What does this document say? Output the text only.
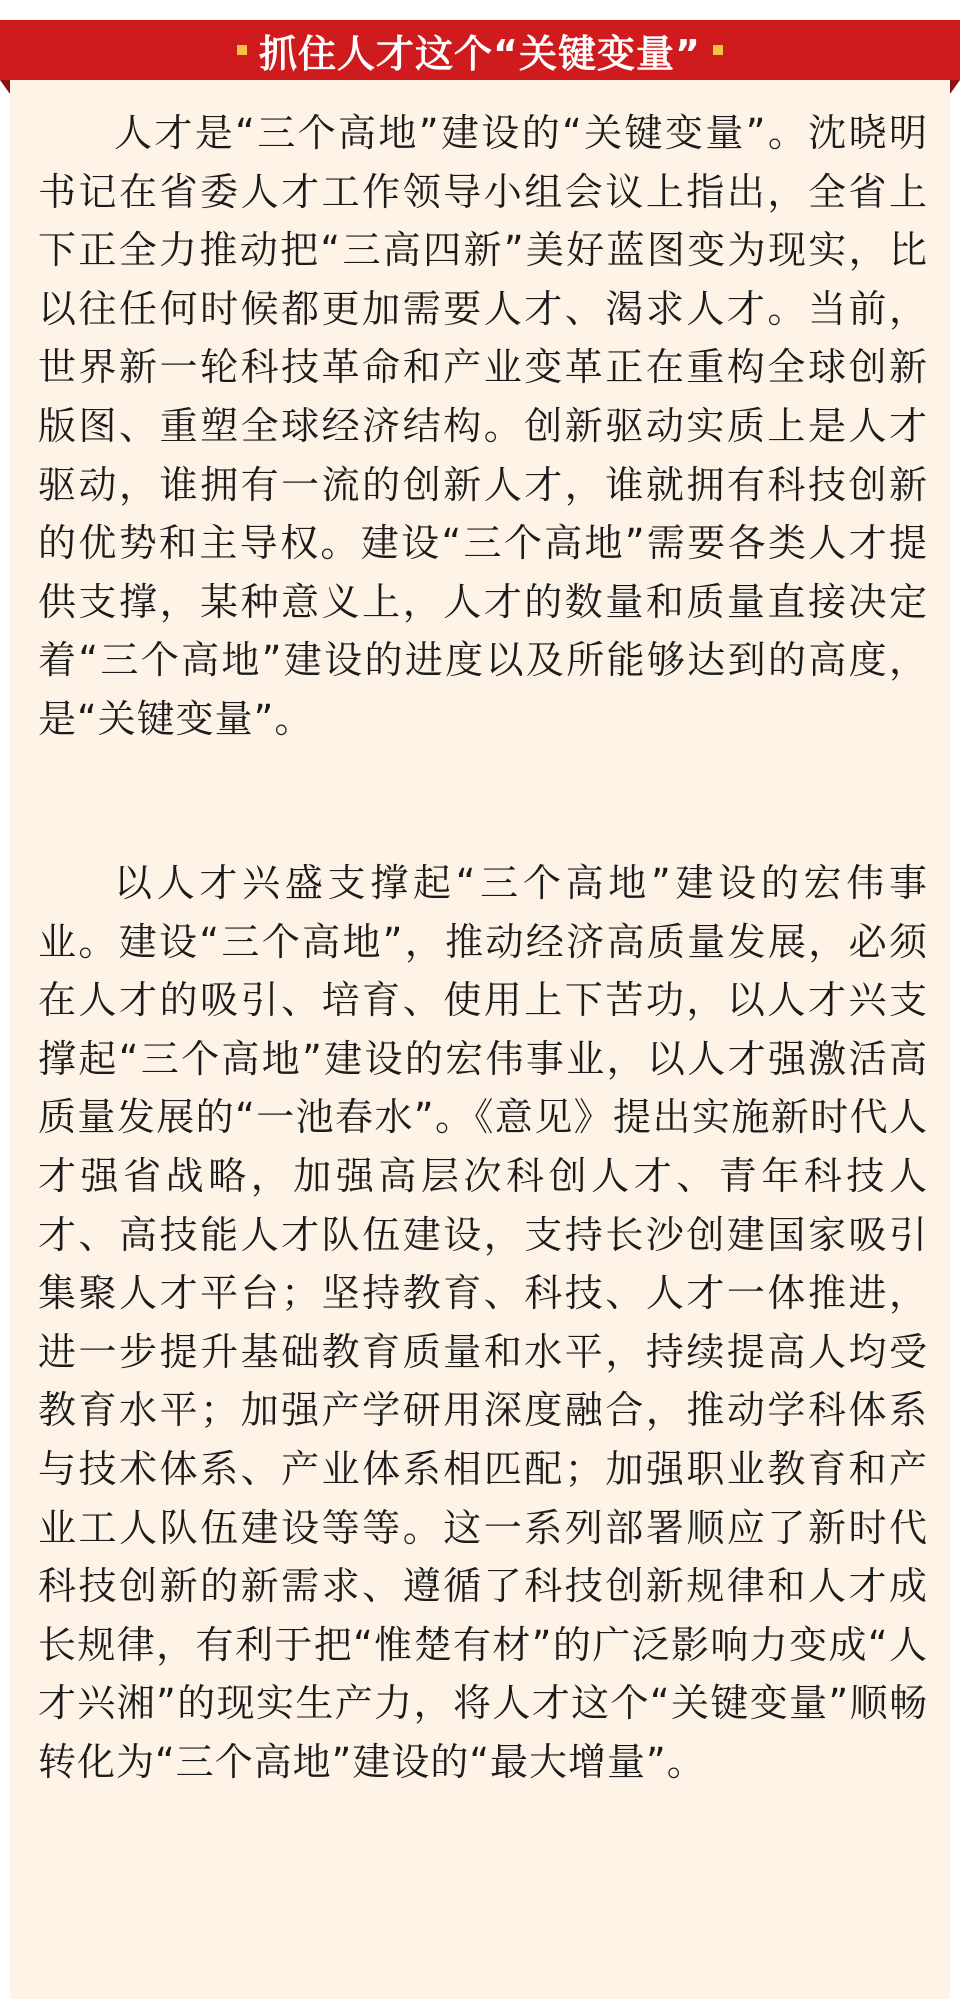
抓住人才这个“关键变量”

人才是“三个高地”建设的“关键变量”。沈晓明书记在省委人才工作领导小组会议上指出，全省上下正全力推动把“三高四新”美好蓝图变为现实，比以往任何时候都更加需要人才、渴求人才。当前，世界新一轮科技革命和产业变革正在重构全球创新版图、重塑全球经济结构。创新驱动实质上是人才驱动，谁拥有一流的创新人才，谁就拥有科技创新的优势和主导权。建设“三个高地”需要各类人才提供支撑，某种意义上，人才的数量和质量直接决定着“三个高地”建设的进度以及所能够达到的高度，是“关键变量”。

以人才兴盛支撑起“三个高地”建设的宏伟事业。建设“三个高地”，推动经济高质量发展，必须在人才的吸引、培育、使用上下苦功，以人才兴支撑起“三个高地”建设的宏伟事业，以人才强激活高质量发展的“一池春水”。《意见》提出实施新时代人才强省战略，加强高层次科创人才、青年科技人才、高技能人才队伍建设，支持长沙创建国家吸引集聚人才平台；坚持教育、科技、人才一体推进，进一步提升基础教育质量和水平，持续提高人均受教育水平；加强产学研用深度融合，推动学科体系与技术体系、产业体系相匹配；加强职业教育和产业工人队伍建设等等。这一系列部署顺应了新时代科技创新的新需求、遵循了科技创新规律和人才成长规律，有利于把“惟楚有材”的广泛影响力变成“人才兴湘”的现实生产力，将人才这个“关键变量”顺畅转化为“三个高地”建设的“最大增量”。
